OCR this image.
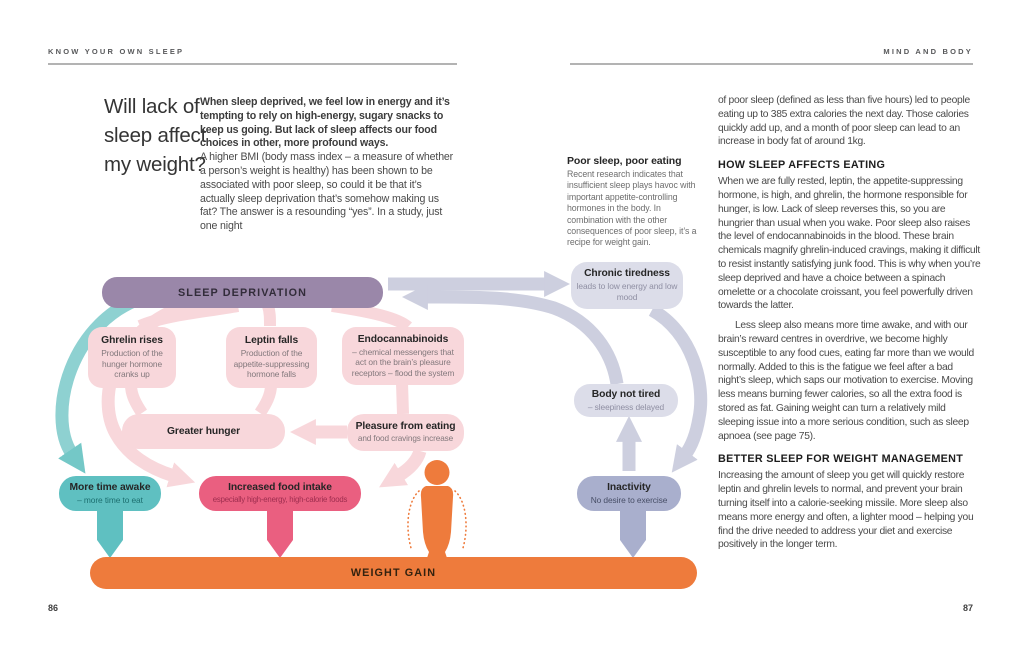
KNOW YOUR OWN SLEEP	MIND AND BODY
Will lack of sleep affect my weight?

When sleep deprived, we feel low in energy and it’s tempting to rely on high-energy, sugary snacks to keep us going. But lack of sleep affects our food choices in other, more profound ways.

A higher BMI (body mass index – a measure of whether a person’s weight is healthy) has been shown to be associated with poor sleep, so could it be that it’s actually sleep deprivation that’s somehow making us fat? The answer is a resounding “yes”. In a study, just one night

Poor sleep, poor eating

Recent research indicates that insufficient sleep plays havoc with important appetite-controlling hormones in the body. In combination with the other consequences of poor sleep, it’s a recipe for weight gain.

86

of poor sleep (defined as less than five hours) led to people eating up to 385 extra calories the next day. Those calories quickly add up, and a month of poor sleep can lead to an increase in body fat of around 1kg.

HOW SLEEP AFFECTS EATING

When we are fully rested, leptin, the appetite-suppressing hormone, is high, and ghrelin, the hormone responsible for hunger, is low. Lack of sleep reverses this, so you are hungrier than usual when you wake. Poor sleep also raises the level of endocannabinoids in the blood. These brain chemicals magnify ghrelin-induced cravings, making it difficult to resist instantly satisfying junk food. This is why when you’re sleep deprived and have a choice between a spinach omelette or a chocolate croissant, you feel powerfully driven towards the latter.

Less sleep also means more time awake, and with our brain’s reward centres in overdrive, we become highly susceptible to any food cues, eating far more than we would normally. Added to this is the fatigue we feel after a bad night’s sleep, which saps our motivation to exercise. Moving less means burning fewer calories, so all the extra food is stored as fat. Gaining weight can turn a relatively mild sleeping issue into a more serious condition, such as sleep apnoea (see page 75).

BETTER SLEEP FOR WEIGHT MANAGEMENT

Increasing the amount of sleep you get will quickly restore leptin and ghrelin levels to normal, and prevent your brain turning itself into a calorie-seeking missile. More sleep also means more energy and often, a lighter mood – helping you find the drive needed to address your diet and exercise positively in the longer term.

87
SLEEP DEPRIVATION
Ghrelin rises
Production of the hunger hormone cranks up
Leptin falls
Production of the appetite-suppressing hormone falls
Endocannabinoids
– chemical messengers that act on the brain’s pleasure receptors – flood the system
Greater hunger	Pleasure from eating
and food cravings increase
More time awake
– more time to eat
Increased food intake
especially high-energy, high-calorie foods
Chronic tiredness
leads to low energy and low mood
Body not tired
– sleepiness delayed
Inactivity
No desire to exercise
WEIGHT GAIN
